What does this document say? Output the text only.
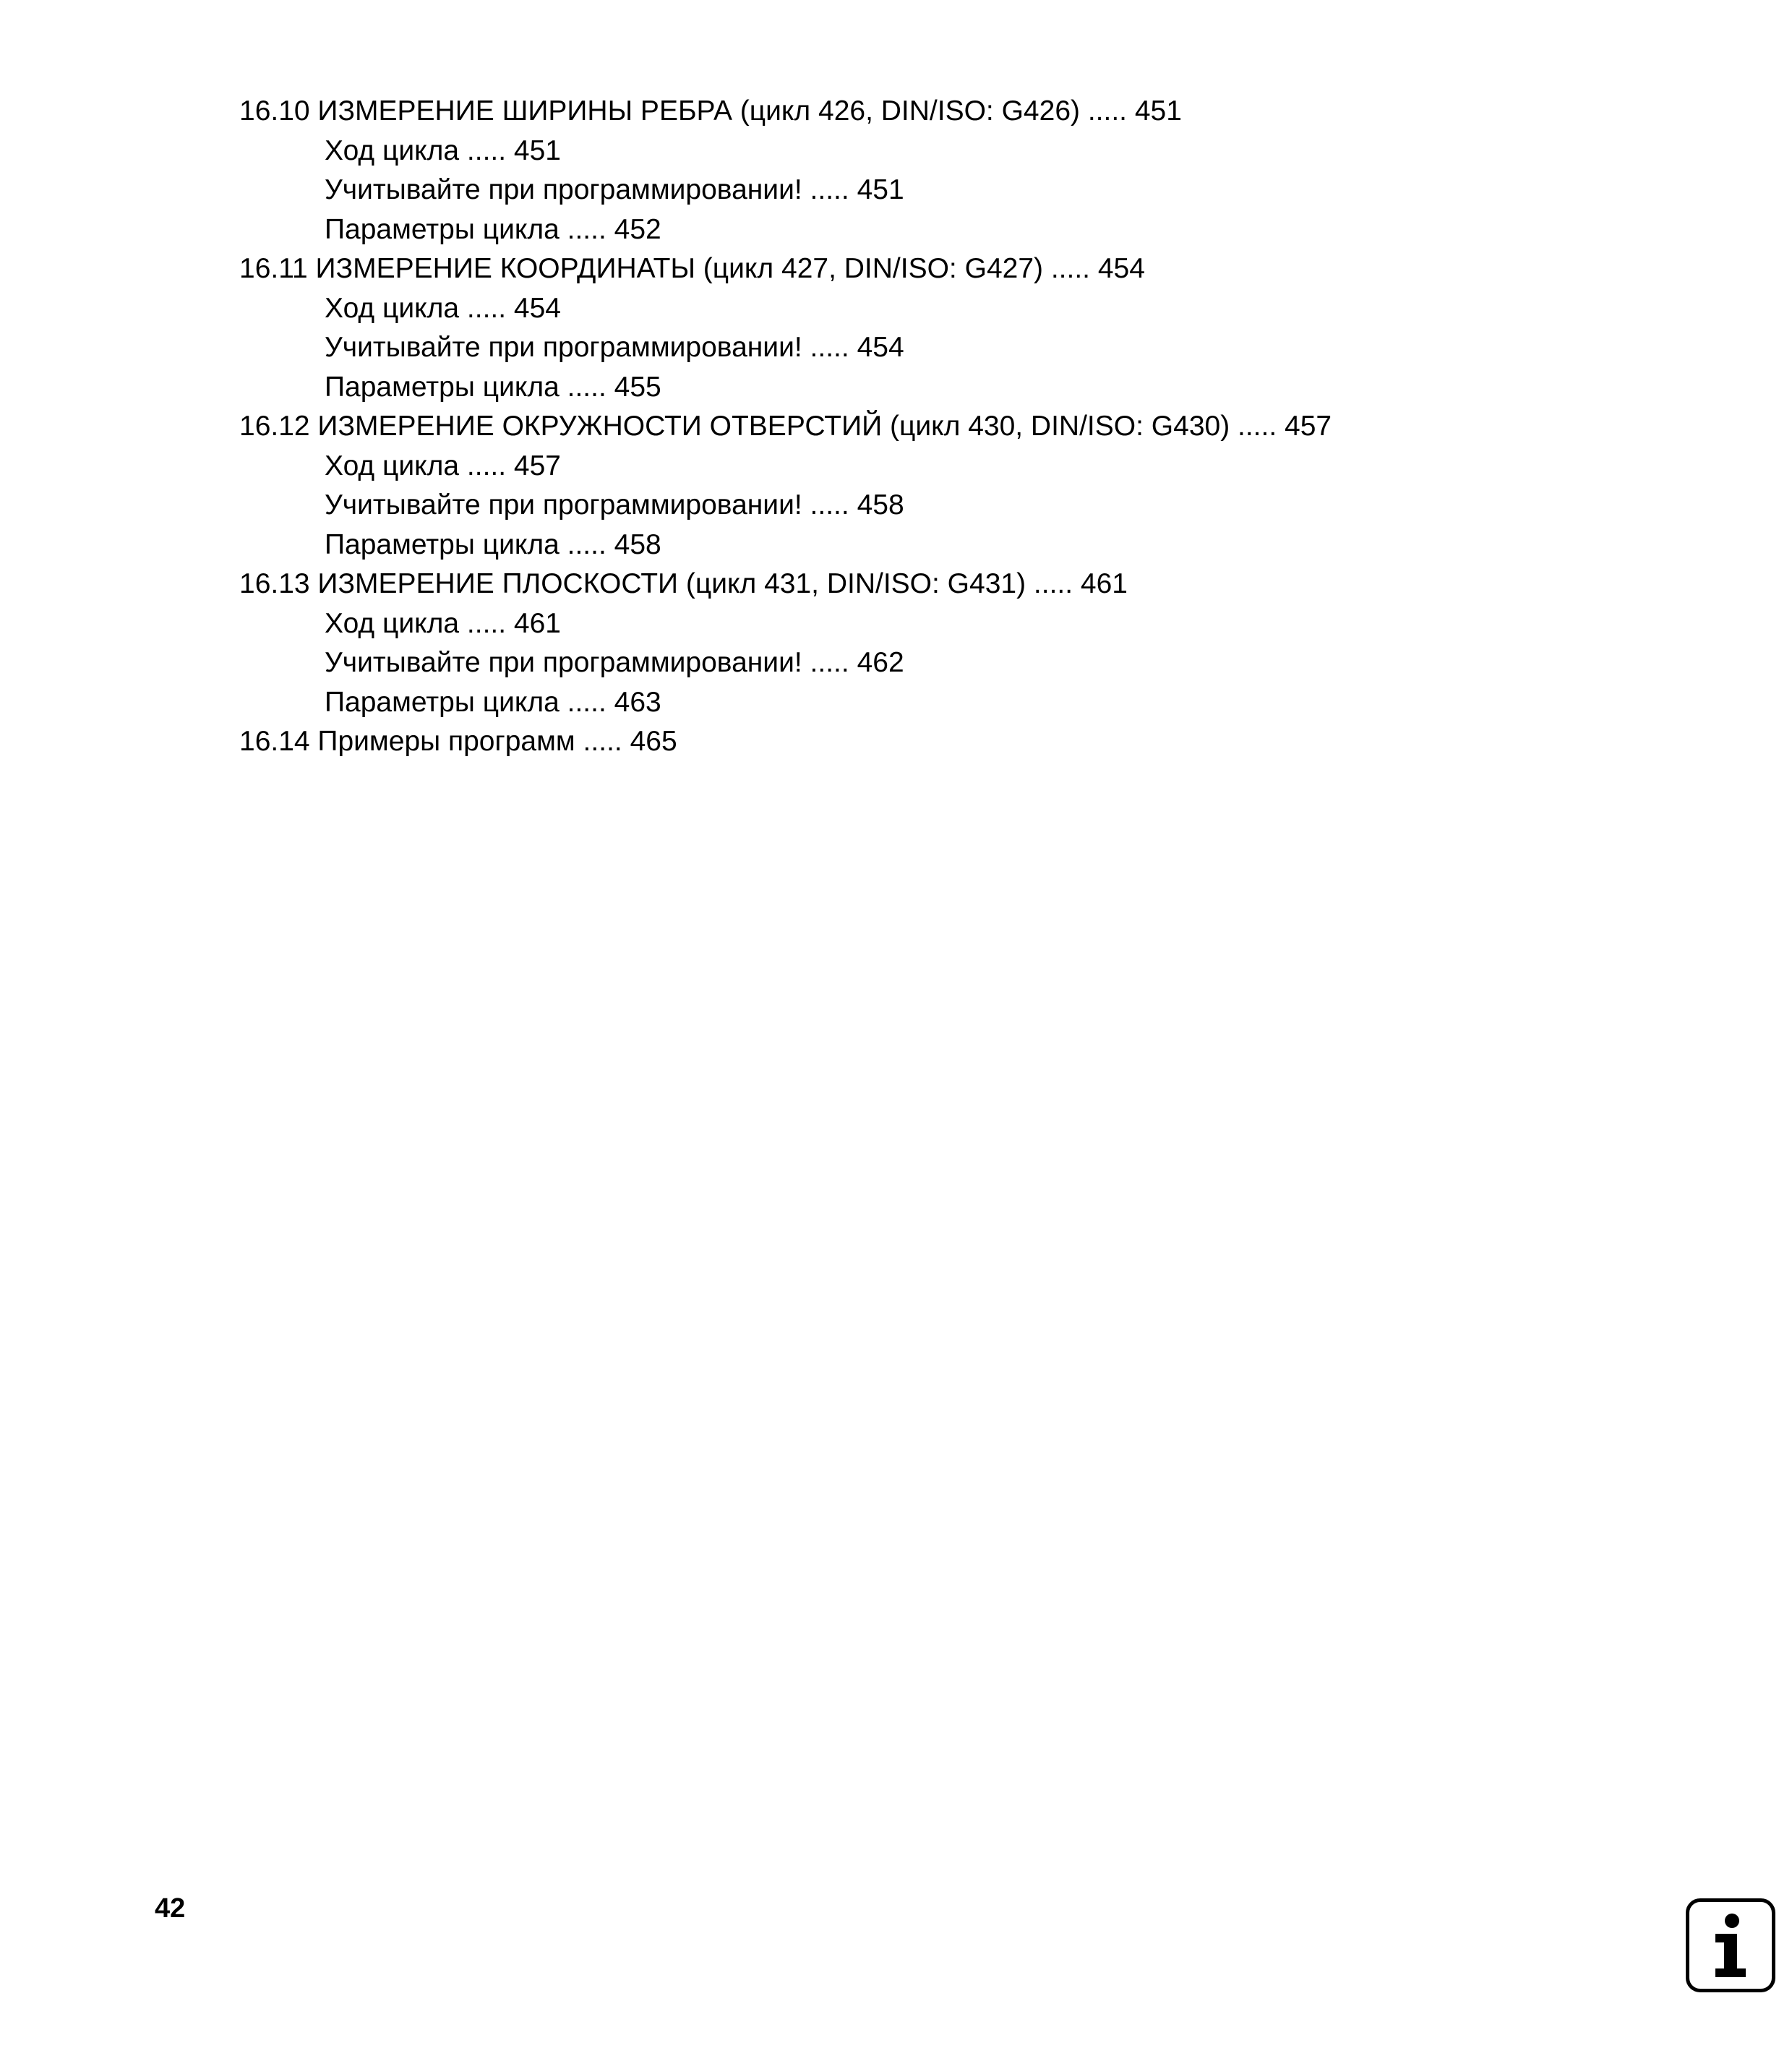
16.10 ИЗМЕРЕНИЕ ШИРИНЫ РЕБРА (цикл 426, DIN/ISO: G426) ..... 451
Ход цикла ..... 451
Учитывайте при программировании! ..... 451
Параметры цикла ..... 452
16.11 ИЗМЕРЕНИЕ КООРДИНАТЫ (цикл 427, DIN/ISO: G427) ..... 454
Ход цикла ..... 454
Учитывайте при программировании! ..... 454
Параметры цикла ..... 455
16.12 ИЗМЕРЕНИЕ ОКРУЖНОСТИ ОТВЕРСТИЙ (цикл 430, DIN/ISO: G430) ..... 457
Ход цикла ..... 457
Учитывайте при программировании! ..... 458
Параметры цикла ..... 458
16.13 ИЗМЕРЕНИЕ ПЛОСКОСТИ (цикл 431, DIN/ISO: G431) ..... 461
Ход цикла ..... 461
Учитывайте при программировании! ..... 462
Параметры цикла ..... 463
16.14 Примеры программ ..... 465
42
